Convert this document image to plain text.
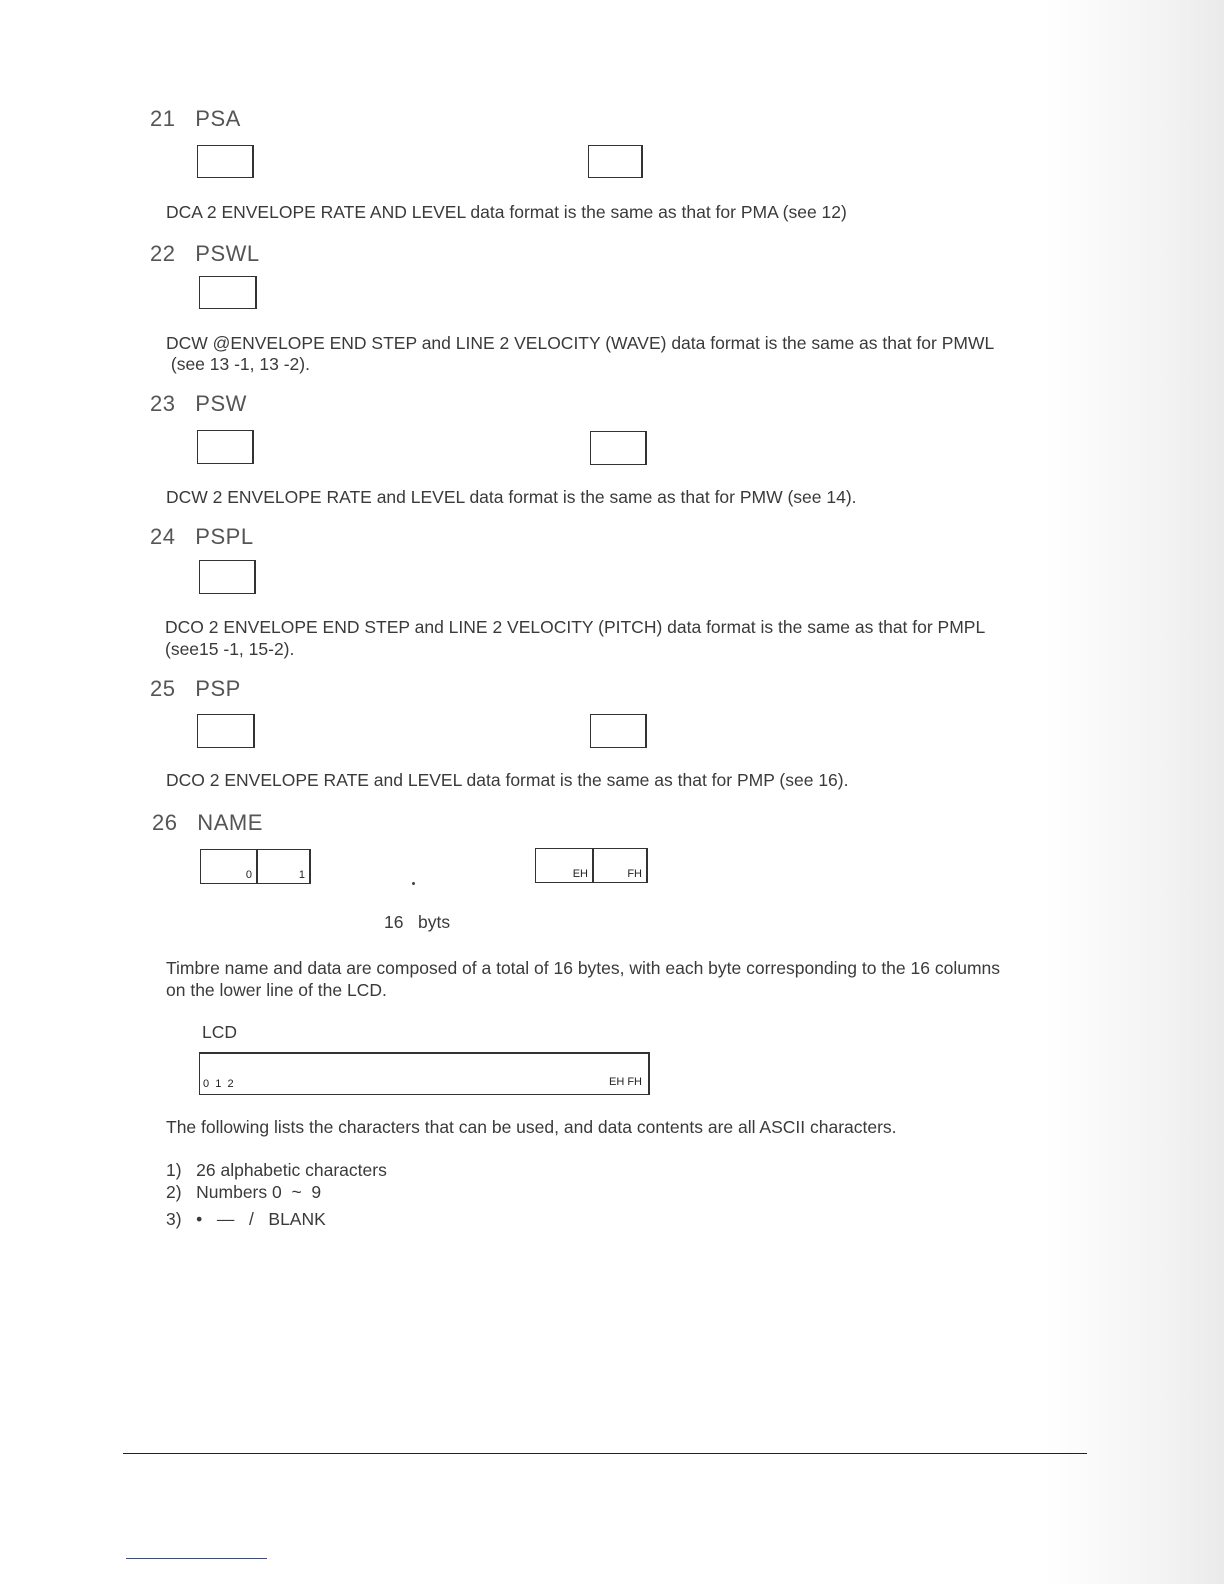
21   PSA
DCA 2 ENVELOPE RATE AND LEVEL data format is the same as that for PMA (see 12)
22   PSWL
DCW @ENVELOPE END STEP and LINE 2 VELOCITY (WAVE) data format is the same as that for PMWL
(see 13 -1, 13 -2).
23   PSW
DCW 2 ENVELOPE RATE and LEVEL data format is the same as that for PMW (see 14).
24   PSPL
DCO 2 ENVELOPE END STEP and LINE 2 VELOCITY (PITCH) data format is the same as that for PMPL
(see15 -1, 15-2).
25   PSP
DCO 2 ENVELOPE RATE and LEVEL data format is the same as that for PMP (see 16).
26   NAME
0	1	EH	FH
16   byts
Timbre name and data are composed of a total of 16 bytes, with each byte corresponding to the 16 columns
on the lower line of the LCD.
LCD
0  1  2	EH FH
The following lists the characters that can be used, and data contents are all ASCII characters.
1)   26 alphabetic characters
2)   Numbers 0  ~  9
3)   •   —   /   BLANK
